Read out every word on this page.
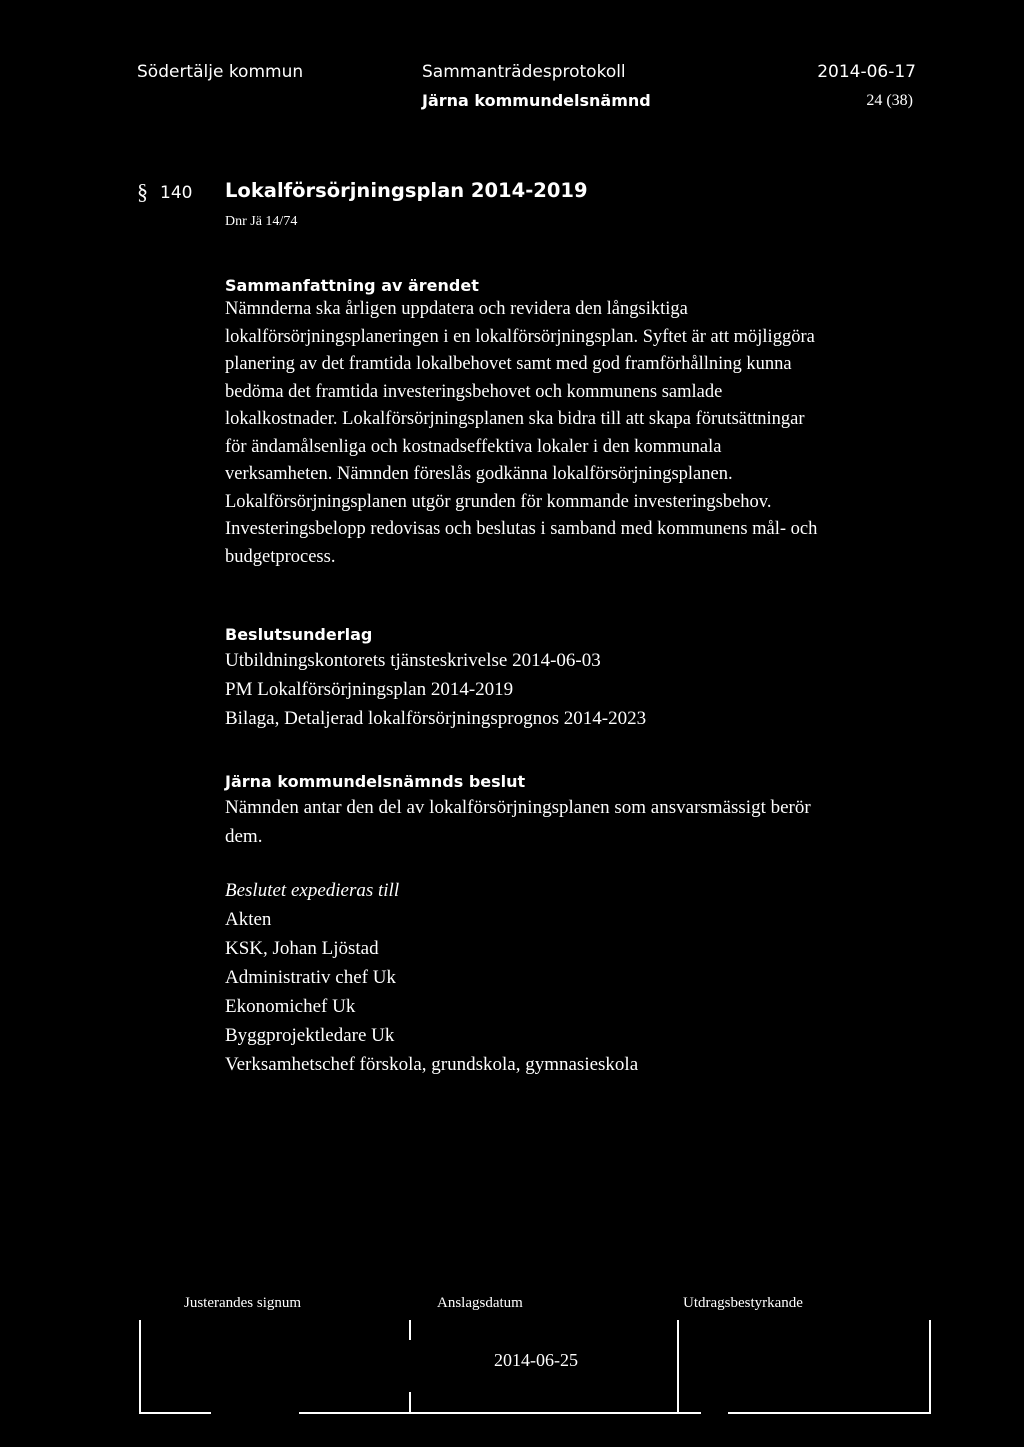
Södertälje kommun	Sammanträdesprotokoll	2014-06-17
Järna kommundelsnämnd	24 (38)
§ 140 Lokalförsörjningsplan 2014-2019
Dnr Jä 14/74
Sammanfattning av ärendet
Nämnderna ska årligen uppdatera och revidera den långsiktiga
lokalförsörjningsplaneringen i en lokalförsörjningsplan. Syftet är att möjliggöra
planering av det framtida lokalbehovet samt med god framförhållning kunna
bedöma det framtida investeringsbehovet och kommunens samlade
lokalkostnader. Lokalförsörjningsplanen ska bidra till att skapa förutsättningar
för ändamålsenliga och kostnadseffektiva lokaler i den kommunala
verksamheten. Nämnden föreslås godkänna lokalförsörjningsplanen.
Lokalförsörjningsplanen utgör grunden för kommande investeringsbehov.
Investeringsbelopp redovisas och beslutas i samband med kommunens mål- och
budgetprocess.
Beslutsunderlag
Utbildningskontorets tjänsteskrivelse 2014-06-03
PM Lokalförsörjningsplan 2014-2019
Bilaga, Detaljerad lokalförsörjningsprognos 2014-2023
Järna kommundelsnämnds beslut
Nämnden antar den del av lokalförsörjningsplanen som ansvarsmässigt berör
dem.
Beslutet expedieras till
Akten
KSK, Johan Ljöstad
Administrativ chef Uk
Ekonomichef Uk
Byggprojektledare Uk
Verksamhetschef förskola, grundskola, gymnasieskola
Justerandes signum	Anslagsdatum	Utdragsbestyrkande
2014-06-25
